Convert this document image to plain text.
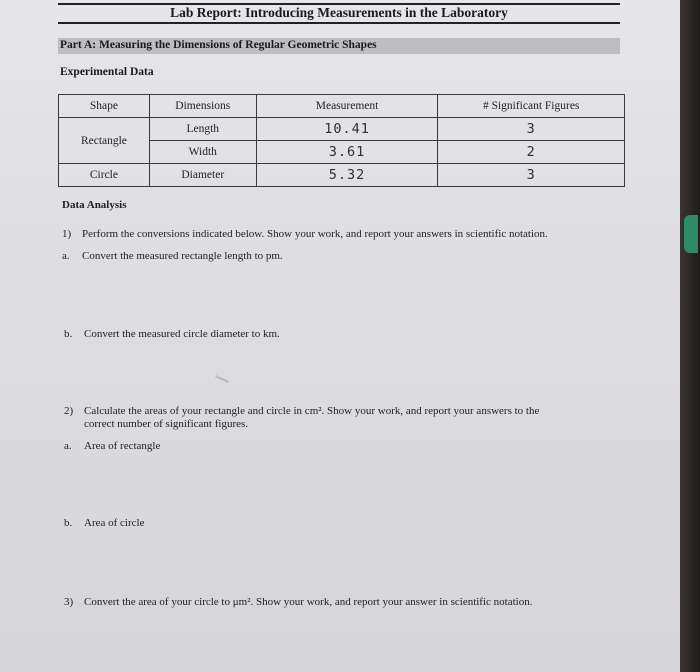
Lab Report: Introducing Measurements in the Laboratory
Part A: Measuring the Dimensions of Regular Geometric Shapes
Experimental Data
Shape	Dimensions	Measurement	# Significant Figures
Rectangle	Length	10.41	3
	Width	3.61	2
Circle	Diameter	5.32	3
Data Analysis
1) Perform the conversions indicated below. Show your work, and report your answers in scientific notation.
a. Convert the measured rectangle length to pm.
b. Convert the measured circle diameter to km.
2) Calculate the areas of your rectangle and circle in cm². Show your work, and report your answers to the
correct number of significant figures.
a. Area of rectangle
b. Area of circle
3) Convert the area of your circle to μm². Show your work, and report your answer in scientific notation.
